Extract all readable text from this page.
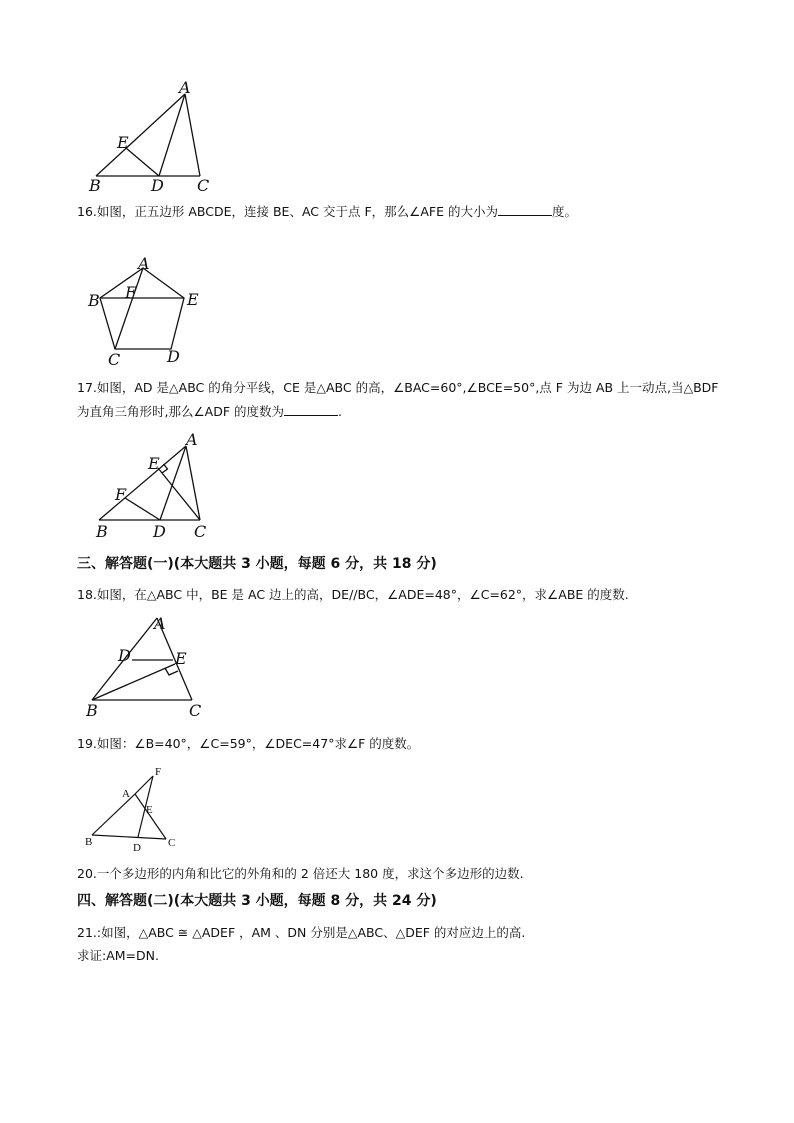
A
E
B	D C
16.如图，正五边形 ABCDE，连接 BE、AC 交于点 F，那么∠AFE 的大小为	度。
A
F
B	E
C	D
17.如图，AD 是△ABC 的角分平线，CE 是△ABC 的高，∠BAC=60°,∠BCE=50°,点 F 为边 AB 上一动点,当△BDF
为直角三角形时,那么∠ADF 的度数为	.
A
E
F
B	D C
三、解答题(一)(本大题共 3 小题，每题 6 分，共 18 分)
18.如图，在△ABC 中，BE 是 AC 边上的高，DE//BC，∠ADE=48°，∠C=62°，求∠ABE 的度数.
A
D	E
B	C
19.如图：∠B=40°，∠C=59°，∠DEC=47°求∠F 的度数。
F
A
E
B	D C
20.一个多边形的内角和比它的外角和的 2 倍还大 180 度，求这个多边形的边数.
四、解答题(二)(本大题共 3 小题，每题 8 分，共 24 分)
21.:如图，△ABC ≅ △ADEF ，AM 、DN 分别是△ABC、△DEF 的对应边上的高.
求证:AM=DN.
